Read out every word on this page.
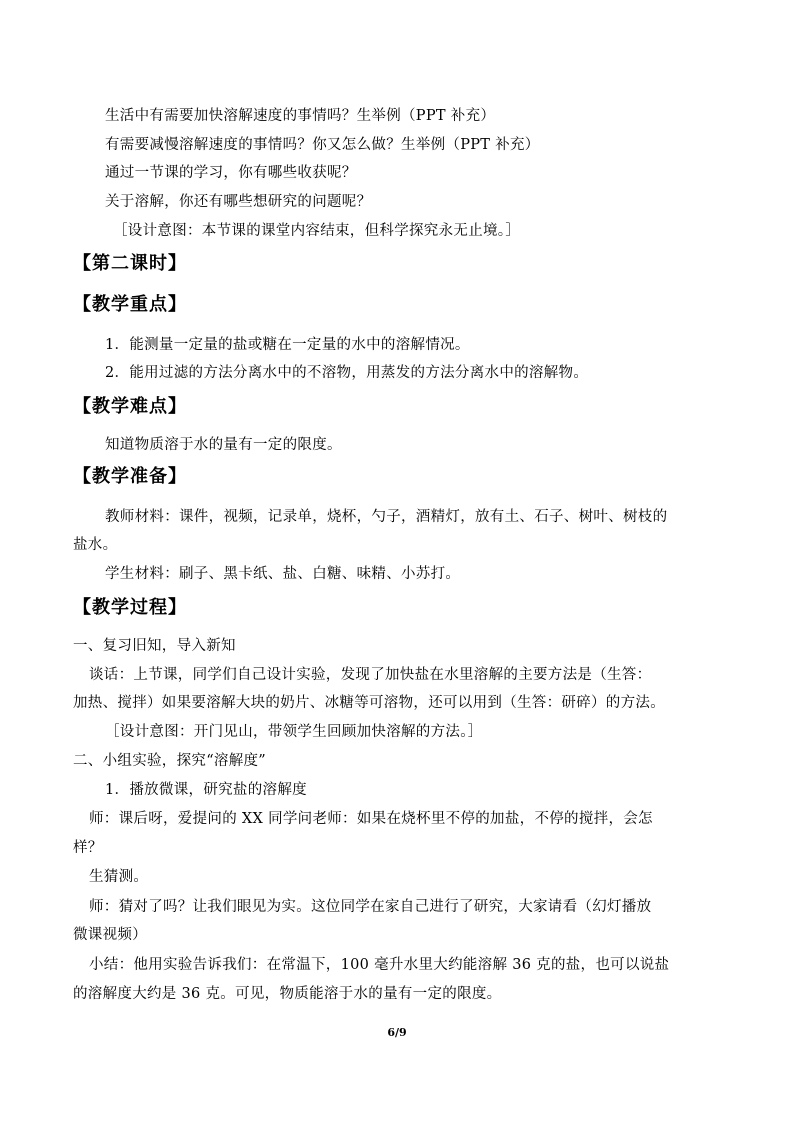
生活中有需要加快溶解速度的事情吗？生举例（PPT 补充）
有需要减慢溶解速度的事情吗？你又怎么做？生举例（PPT 补充）
通过一节课的学习，你有哪些收获呢？
关于溶解，你还有哪些想研究的问题呢？
［设计意图：本节课的课堂内容结束，但科学探究永无止境。］
【第二课时】
【教学重点】
1．能测量一定量的盐或糖在一定量的水中的溶解情况。
2．能用过滤的方法分离水中的不溶物，用蒸发的方法分离水中的溶解物。
【教学难点】
知道物质溶于水的量有一定的限度。
【教学准备】
教师材料：课件，视频，记录单，烧杯，勺子，酒精灯，放有土、石子、树叶、树枝的
盐水。
学生材料：刷子、黑卡纸、盐、白糖、味精、小苏打。
【教学过程】
一、复习旧知，导入新知
谈话：上节课，同学们自己设计实验，发现了加快盐在水里溶解的主要方法是（生答：
加热、搅拌）如果要溶解大块的奶片、冰糖等可溶物，还可以用到（生答：研碎）的方法。
［设计意图：开门见山，带领学生回顾加快溶解的方法。］
二、小组实验，探究“溶解度”
1．播放微课，研究盐的溶解度
师：课后呀，爱提问的 XX 同学问老师：如果在烧杯里不停的加盐，不停的搅拌，会怎
样？
生猜测。
师：猜对了吗？让我们眼见为实。这位同学在家自己进行了研究，大家请看（幻灯播放
微课视频）
小结：他用实验告诉我们：在常温下，100 毫升水里大约能溶解 36 克的盐，也可以说盐
的溶解度大约是 36 克。可见，物质能溶于水的量有一定的限度。
6/9
